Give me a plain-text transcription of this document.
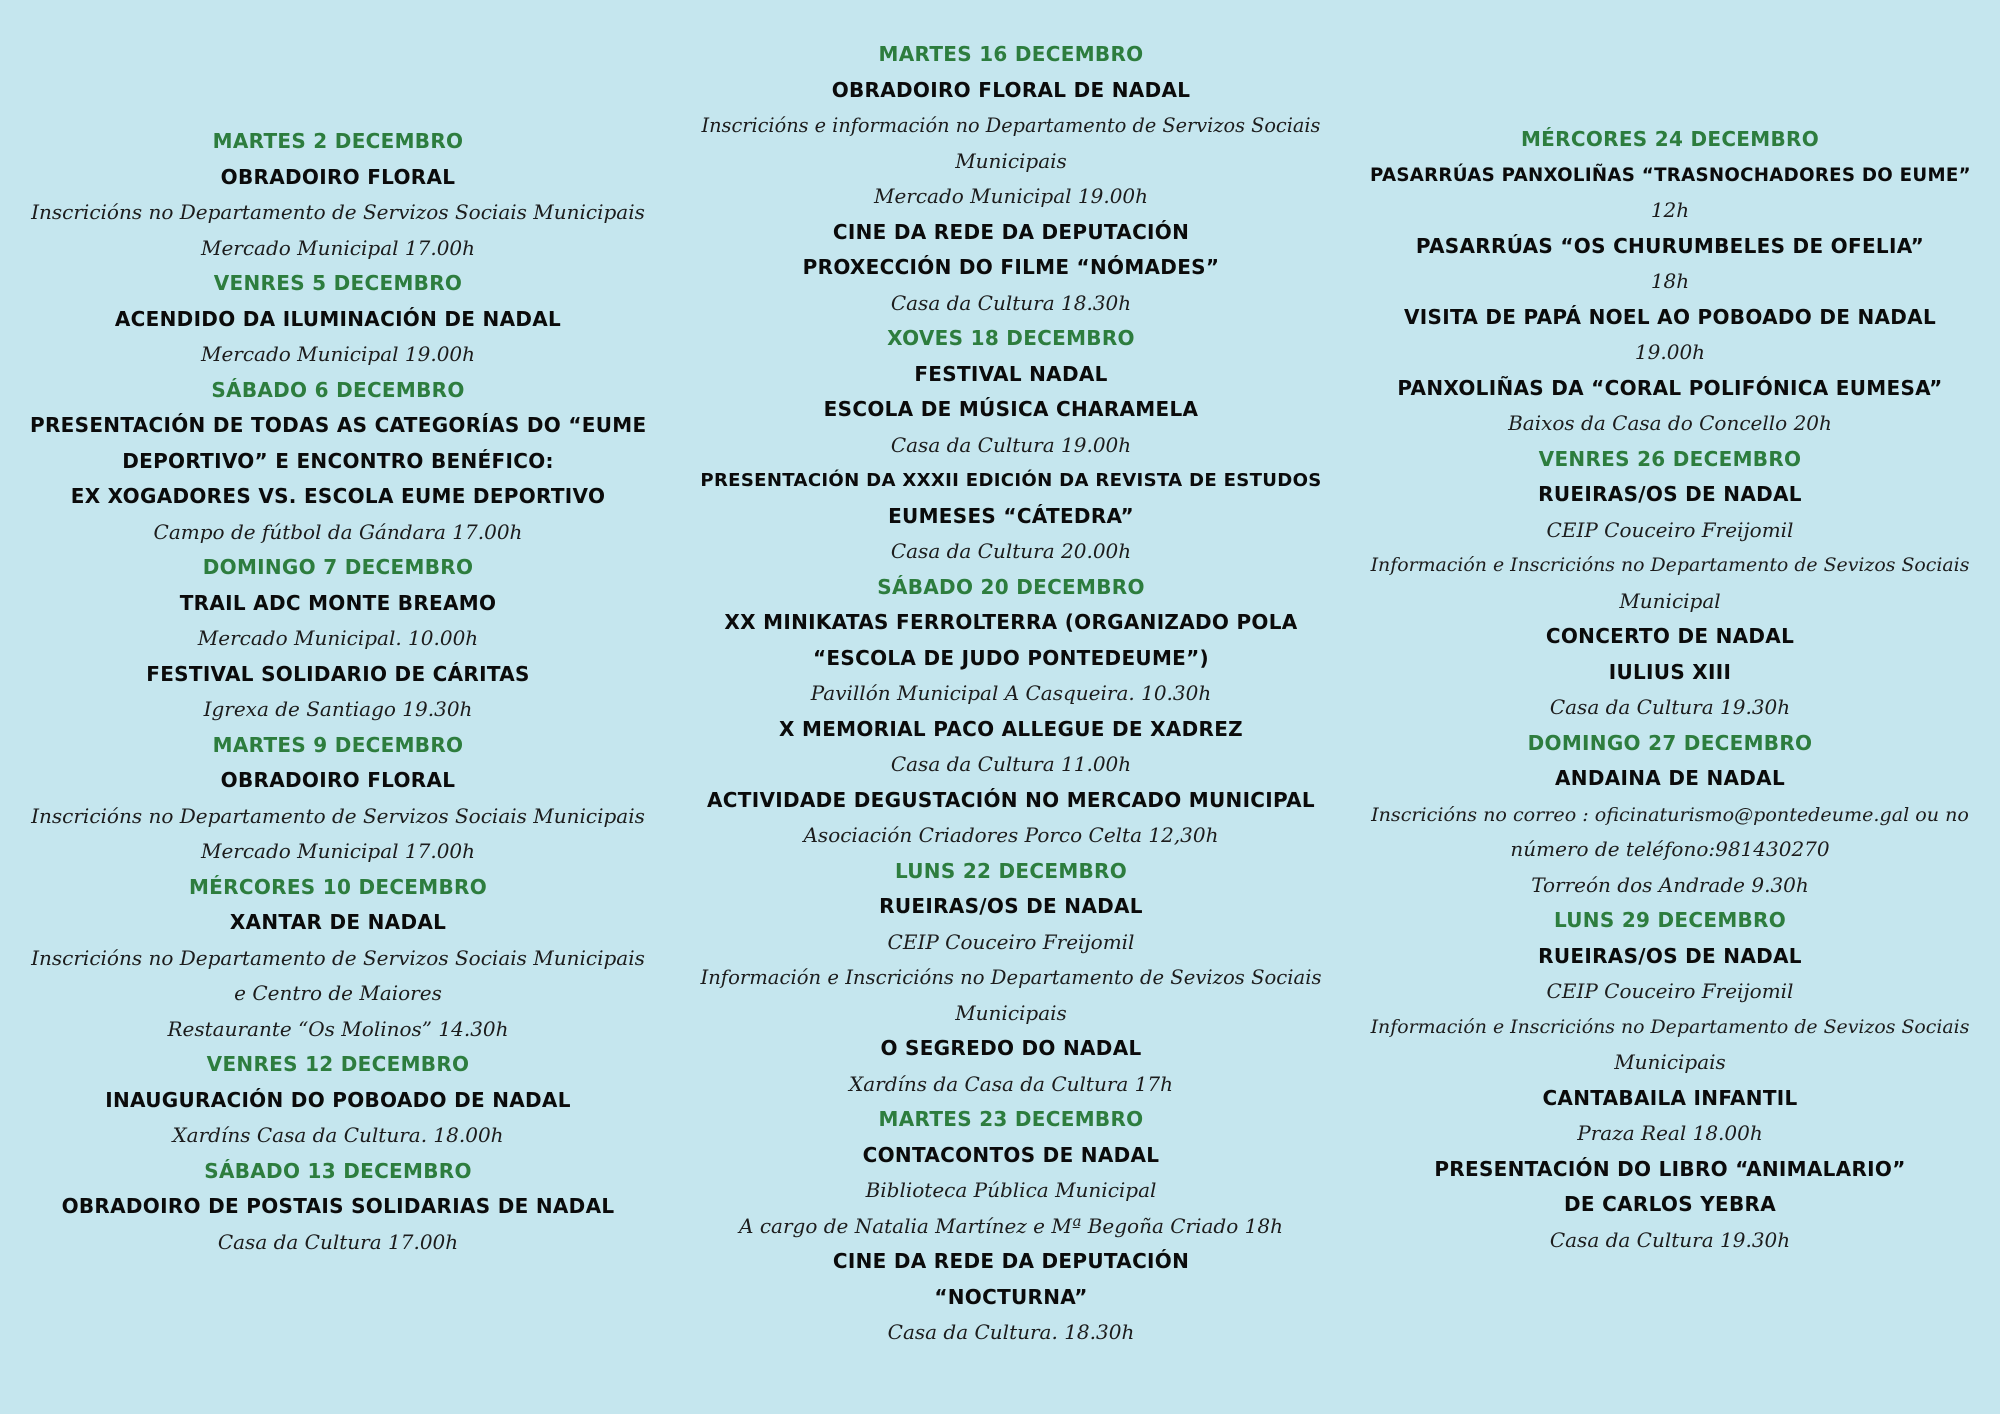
MARTES 2 DECEMBRO
OBRADOIRO FLORAL
Inscricións no Departamento de Servizos Sociais Municipais
Mercado Municipal 17.00h
VENRES 5 DECEMBRO
ACENDIDO DA ILUMINACIÓN DE NADAL
Mercado Municipal 19.00h
SÁBADO 6 DECEMBRO
PRESENTACIÓN DE TODAS AS CATEGORÍAS DO “EUME
DEPORTIVO” E ENCONTRO BENÉFICO:
EX XOGADORES VS. ESCOLA EUME DEPORTIVO
Campo de fútbol da Gándara 17.00h
DOMINGO 7 DECEMBRO
TRAIL ADC MONTE BREAMO
Mercado Municipal. 10.00h
FESTIVAL SOLIDARIO DE CÁRITAS
Igrexa de Santiago 19.30h
MARTES 9 DECEMBRO
OBRADOIRO FLORAL
Inscricións no Departamento de Servizos Sociais Municipais
Mercado Municipal 17.00h
MÉRCORES 10 DECEMBRO
XANTAR DE NADAL
Inscricións no Departamento de Servizos Sociais Municipais
e Centro de Maiores
Restaurante “Os Molinos” 14.30h
VENRES 12 DECEMBRO
INAUGURACIÓN DO POBOADO DE NADAL
Xardíns Casa da Cultura. 18.00h
SÁBADO 13 DECEMBRO
OBRADOIRO DE POSTAIS SOLIDARIAS DE NADAL
Casa da Cultura 17.00h
MARTES 16 DECEMBRO
OBRADOIRO FLORAL DE NADAL
Inscricións e información no Departamento de Servizos Sociais
Municipais
Mercado Municipal 19.00h
CINE DA REDE DA DEPUTACIÓN
PROXECCIÓN DO FILME “NÓMADES”
Casa da Cultura 18.30h
XOVES 18 DECEMBRO
FESTIVAL NADAL
ESCOLA DE MÚSICA CHARAMELA
Casa da Cultura 19.00h
PRESENTACIÓN DA XXXII EDICIÓN DA REVISTA DE ESTUDOS
EUMESES “CÁTEDRA”
Casa da Cultura 20.00h
SÁBADO 20 DECEMBRO
XX MINIKATAS FERROLTERRA (ORGANIZADO POLA
“ESCOLA DE JUDO PONTEDEUME”)
Pavillón Municipal A Casqueira. 10.30h
X MEMORIAL PACO ALLEGUE DE XADREZ
Casa da Cultura 11.00h
ACTIVIDADE DEGUSTACIÓN NO MERCADO MUNICIPAL
Asociación Criadores Porco Celta 12,30h
LUNS 22 DECEMBRO
RUEIRAS/OS DE NADAL
CEIP Couceiro Freijomil
Información e Inscricións no Departamento de Sevizos Sociais
Municipais
O SEGREDO DO NADAL
Xardíns da Casa da Cultura 17h
MARTES 23 DECEMBRO
CONTACONTOS DE NADAL
Biblioteca Pública Municipal
A cargo de Natalia Martínez e Mª Begoña Criado 18h
CINE DA REDE DA DEPUTACIÓN
“NOCTURNA”
Casa da Cultura. 18.30h
MÉRCORES 24 DECEMBRO
PASARRÚAS PANXOLIÑAS “TRASNOCHADORES DO EUME”
12h
PASARRÚAS “OS CHURUMBELES DE OFELIA”
18h
VISITA DE PAPÁ NOEL AO POBOADO DE NADAL
19.00h
PANXOLIÑAS DA “CORAL POLIFÓNICA EUMESA”
Baixos da Casa do Concello 20h
VENRES 26 DECEMBRO
RUEIRAS/OS DE NADAL
CEIP Couceiro Freijomil
Información e Inscricións no Departamento de Sevizos Sociais
Municipal
CONCERTO DE NADAL
IULIUS XIII
Casa da Cultura 19.30h
DOMINGO 27 DECEMBRO
ANDAINA DE NADAL
Inscricións no correo : oficinaturismo@pontedeume.gal ou no
número de teléfono:981430270
Torreón dos Andrade 9.30h
LUNS 29 DECEMBRO
RUEIRAS/OS DE NADAL
CEIP Couceiro Freijomil
Información e Inscricións no Departamento de Sevizos Sociais
Municipais
CANTABAILA INFANTIL
Praza Real 18.00h
PRESENTACIÓN DO LIBRO “ANIMALARIO”
DE CARLOS YEBRA
Casa da Cultura 19.30h
